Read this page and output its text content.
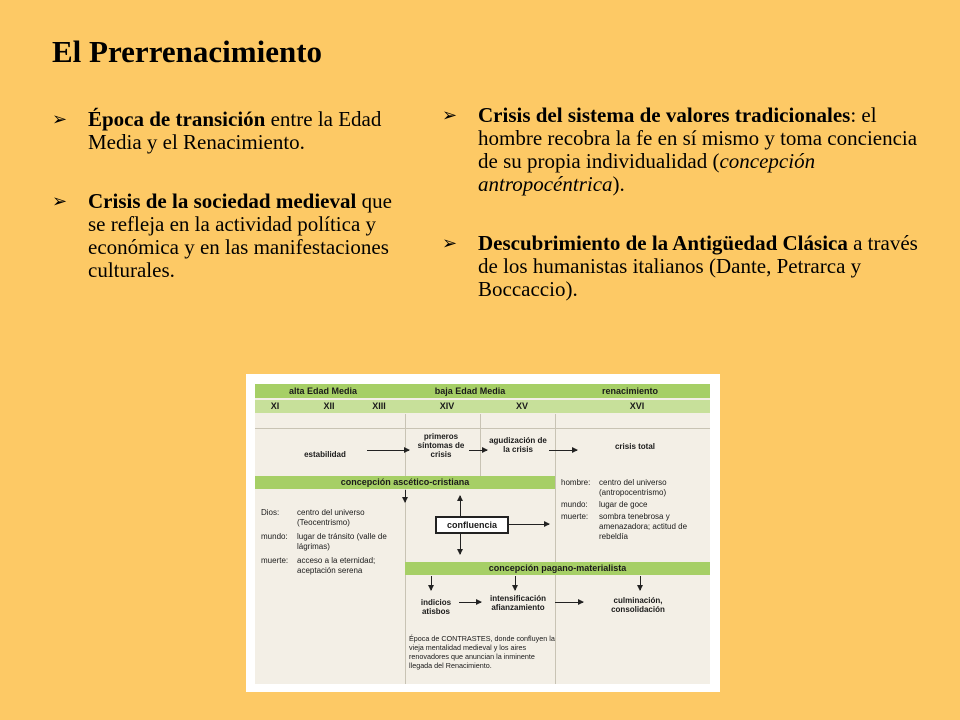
El Prerrenacimiento
➢ Época de transición entre la Edad Media y el Renacimiento.
➢ Crisis de la sociedad medieval que se refleja en la actividad política y económica y en las manifestaciones culturales.
➢ Crisis del sistema de valores tradicionales: el hombre recobra la fe en sí mismo y toma conciencia de su propia individualidad (concepción antropocéntrica).
➢ Descubrimiento de la Antigüedad Clásica a través de los humanistas italianos (Dante, Petrarca y Boccaccio).
alta Edad Media	baja Edad Media	renacimiento
XI	XII	XIII	XIV	XV	XVI
estabilidad
primeros síntomas de crisis
agudización de la crisis	crisis total
concepción ascético-cristiana
Dios: centro del universo (Teocentrismo)
mundo: lugar de tránsito (valle de lágrimas)
muerte: acceso a la eternidad; aceptación serena
hombre: centro del universo (antropocentrismo)
mundo: lugar de goce
muerte: sombra tenebrosa y amenazadora; actitud de rebeldía
confluencia
concepción pagano-materialista
indicios atisbos
intensificación afianzamiento
culminación, consolidación
Época de CONTRASTES, donde confluyen la vieja mentalidad medieval y los aires renovadores que anuncian la inminente llegada del Renacimiento.
